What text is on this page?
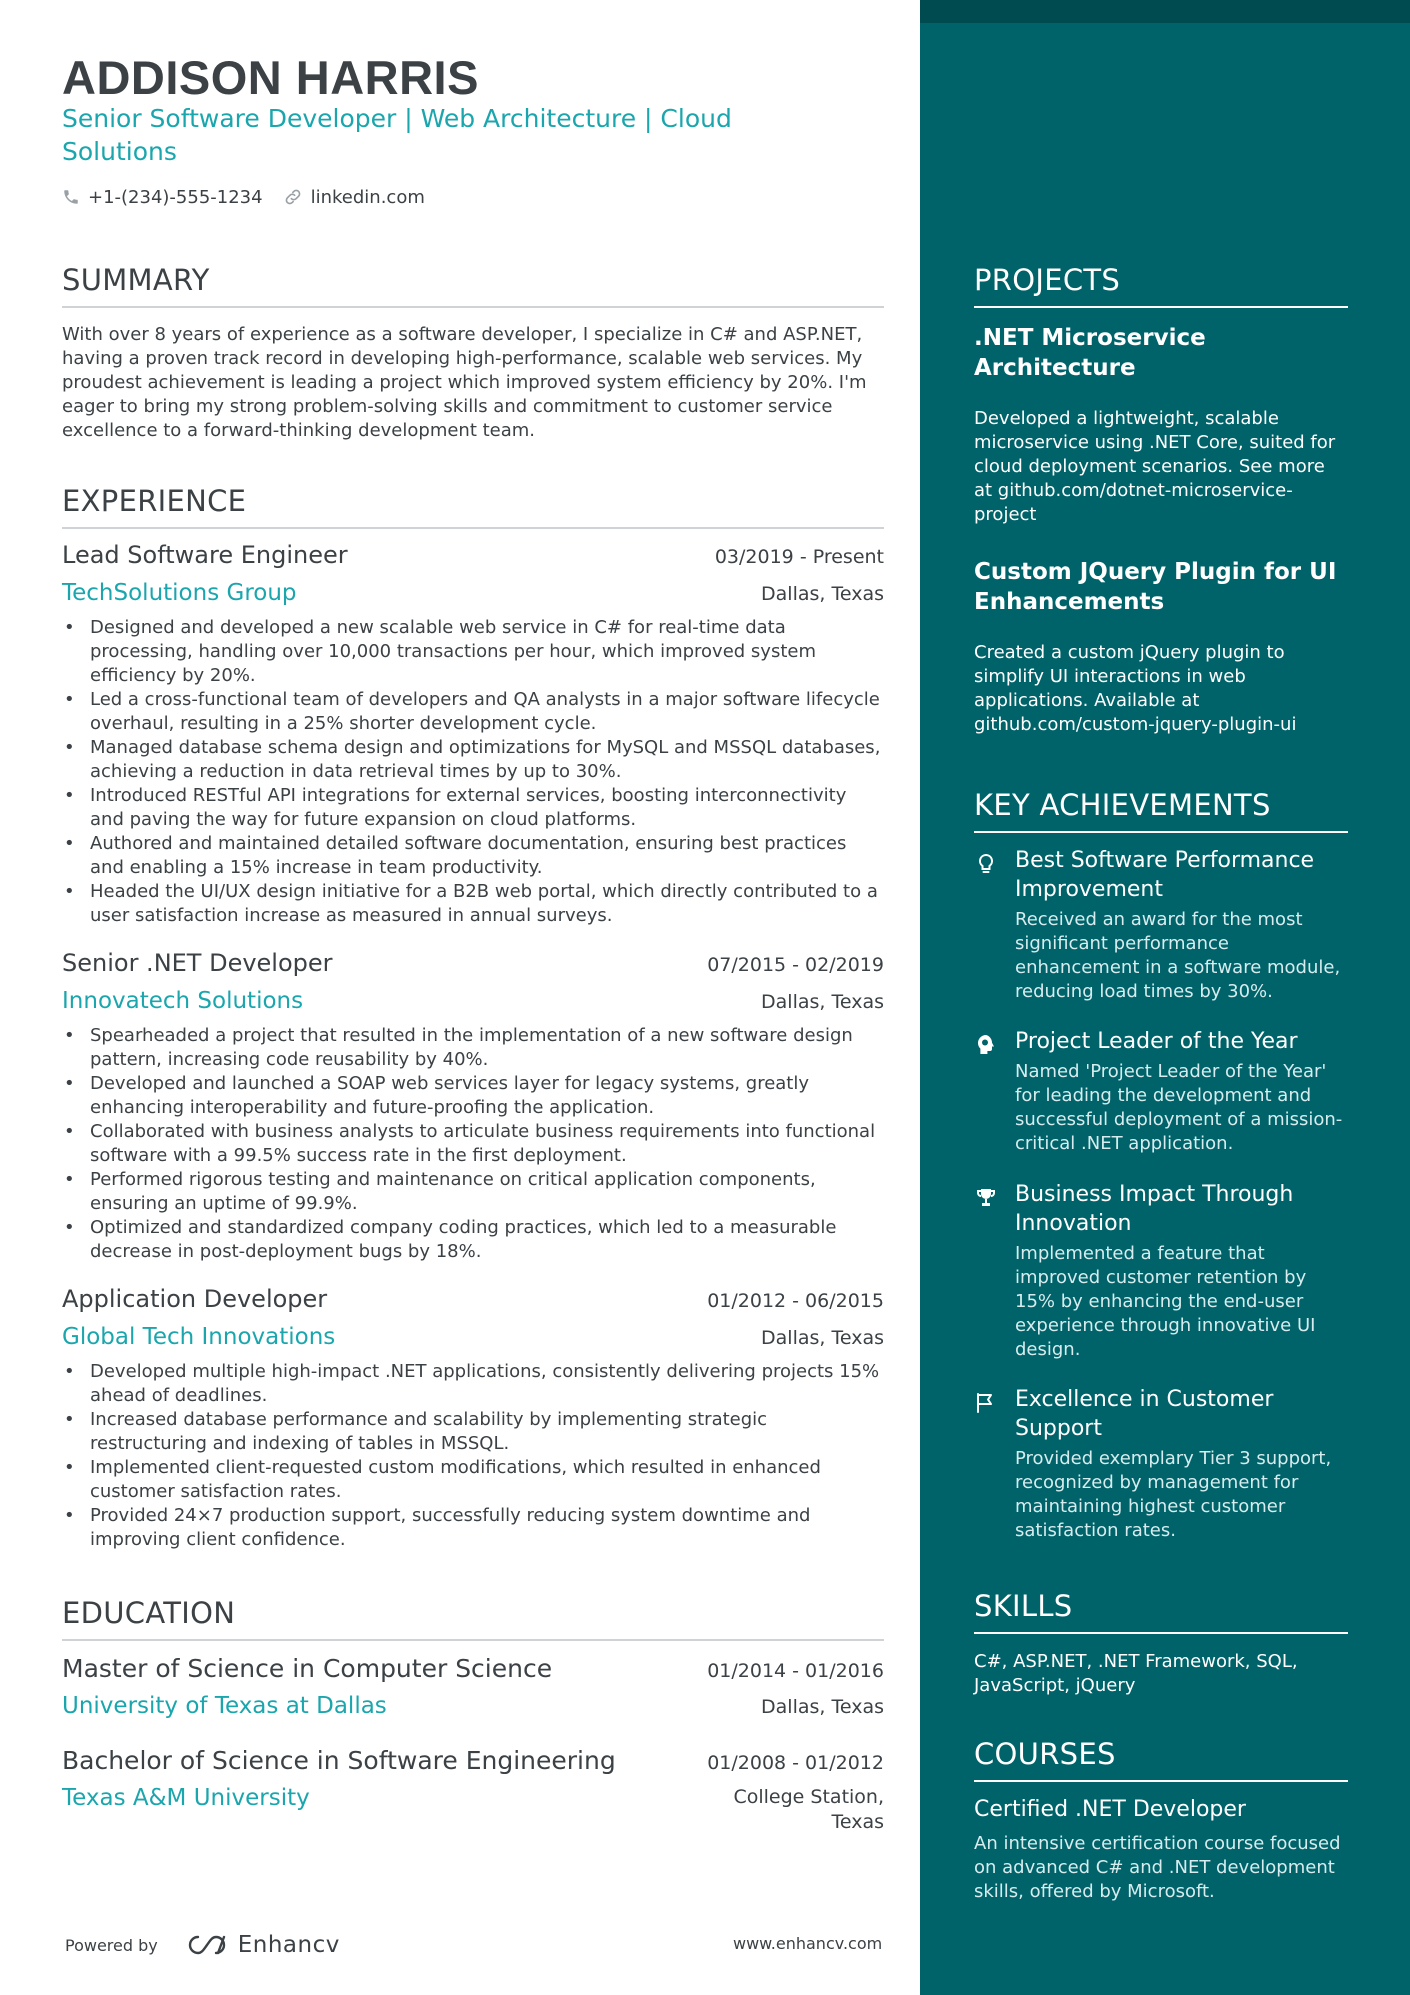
ADDISON HARRIS
Senior Software Developer | Web Architecture | Cloud Solutions
+1-(234)-555-1234	linkedin.com
SUMMARY
With over 8 years of experience as a software developer, I specialize in C# and ASP.NET, having a proven track record in developing high-performance, scalable web services. My proudest achievement is leading a project which improved system efficiency by 20%. I'm eager to bring my strong problem-solving skills and commitment to customer service excellence to a forward-thinking development team.
EXPERIENCE
Lead Software Engineer	03/2019 - Present
TechSolutions Group	Dallas, Texas
• Designed and developed a new scalable web service in C# for real-time data processing, handling over 10,000 transactions per hour, which improved system efficiency by 20%.
• Led a cross-functional team of developers and QA analysts in a major software lifecycle overhaul, resulting in a 25% shorter development cycle.
• Managed database schema design and optimizations for MySQL and MSSQL databases, achieving a reduction in data retrieval times by up to 30%.
• Introduced RESTful API integrations for external services, boosting interconnectivity and paving the way for future expansion on cloud platforms.
• Authored and maintained detailed software documentation, ensuring best practices and enabling a 15% increase in team productivity.
• Headed the UI/UX design initiative for a B2B web portal, which directly contributed to a user satisfaction increase as measured in annual surveys.
Senior .NET Developer	07/2015 - 02/2019
Innovatech Solutions	Dallas, Texas
• Spearheaded a project that resulted in the implementation of a new software design pattern, increasing code reusability by 40%.
• Developed and launched a SOAP web services layer for legacy systems, greatly enhancing interoperability and future-proofing the application.
• Collaborated with business analysts to articulate business requirements into functional software with a 99.5% success rate in the first deployment.
• Performed rigorous testing and maintenance on critical application components, ensuring an uptime of 99.9%.
• Optimized and standardized company coding practices, which led to a measurable decrease in post-deployment bugs by 18%.
Application Developer	01/2012 - 06/2015
Global Tech Innovations	Dallas, Texas
• Developed multiple high-impact .NET applications, consistently delivering projects 15% ahead of deadlines.
• Increased database performance and scalability by implementing strategic restructuring and indexing of tables in MSSQL.
• Implemented client-requested custom modifications, which resulted in enhanced customer satisfaction rates.
• Provided 24×7 production support, successfully reducing system downtime and improving client confidence.
EDUCATION
Master of Science in Computer Science	01/2014 - 01/2016
University of Texas at Dallas	Dallas, Texas
Bachelor of Science in Software Engineering	01/2008 - 01/2012
Texas A&M University	College Station, Texas
Powered by	Enhancv	www.enhancv.com
PROJECTS
.NET Microservice Architecture
Developed a lightweight, scalable microservice using .NET Core, suited for cloud deployment scenarios. See more at github.com/dotnet-microservice-project
Custom JQuery Plugin for UI Enhancements
Created a custom jQuery plugin to simplify UI interactions in web applications. Available at github.com/custom-jquery-plugin-ui
KEY ACHIEVEMENTS
Best Software Performance Improvement
Received an award for the most significant performance enhancement in a software module, reducing load times by 30%.
Project Leader of the Year
Named 'Project Leader of the Year' for leading the development and successful deployment of a mission-critical .NET application.
Business Impact Through Innovation
Implemented a feature that improved customer retention by 15% by enhancing the end-user experience through innovative UI design.
Excellence in Customer Support
Provided exemplary Tier 3 support, recognized by management for maintaining highest customer satisfaction rates.
SKILLS
C#, ASP.NET, .NET Framework, SQL, JavaScript, jQuery
COURSES
Certified .NET Developer
An intensive certification course focused on advanced C# and .NET development skills, offered by Microsoft.
